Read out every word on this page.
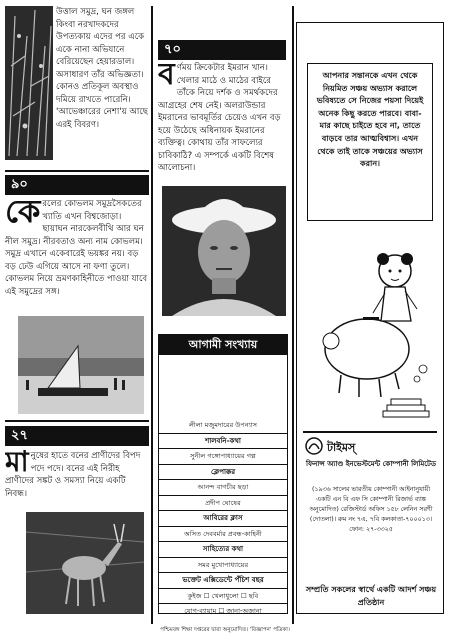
উত্তাল সমুদ্র, ঘন জঙ্গল কিংবা নরখাদকদের উপত্যকায় এদের পর একে একে নানা অভিযানে বেরিয়েছেন হেয়ারডাল। অসাধারণ তাঁর অভিজ্ঞতা। কোনও প্রতিকূল অবস্থাও দমিয়ে রাখতে পারেনি। 'আভেঞ্চারের নেশা'য় আছে এরই বিবরণ।
৯০
কে রলের কোভলম সমুদ্রসৈকতের খ্যাতি এখন বিশ্বজোড়া। ছায়াঘন নারকেলবীথি আর ঘন নীল সমুদ্র। নীরবতাও অন্য নাম কোভলম। সমুদ্র এখানে একেবারেই ভয়ঙ্কর নয়। বড় বড় ঢেউ এগিয়ে আসে না ফণা তুলে। কোভলম নিয়ে ভ্রমণকাহিনীতে পাওয়া যাবে এই সমুদ্রের সঙ্গ।
২৭
মা নুষের হাতে বনের প্রাণীদের বিপদ পদে পদে। বনের এই নিরীহ প্রাণীদের সঙ্কট ও সমস্যা নিয়ে একটি নিবন্ধ।
৭০
ব র্ণময় ক্রিকেটার ইমরান খান। খেলার মাঠে ও মাঠের বাইরে তাঁকে নিয়ে দর্শক ও সমর্থকদের আগ্রহের শেষ নেই। অলরাউন্ডার ইমরানের ভাবমূর্তির চেয়েও এখন বড় হয়ে উঠেছে অধিনায়ক ইমরানের ব্যক্তিত্ব। কোথায় তাঁর সাফল্যের চাবিকাঠি? এ সম্পর্কে একটি বিশেষ আলোচনা।
আগামী সংখ্যায়
লীলা মজুমদারের উপন্যাস
শালবনি-কথা
সুনীল গঙ্গোপাধ্যায়ের গল্প
ক্লেপাক্কর
আনন্দ বাগচীর ছড়া
প্রদীপ ঘোষের
আবিরের ক্লাস
অসিত দেববর্মার প্রবন্ধ-কাহিনী
সাহিত্যের কথা
সমর মুখোপাধ্যায়ের
ভক্তেট এক্সিডেন্টে পঁচিশ বছর
কুইজ ☐ খেলাধুলো ☐ ছবি
যোগ-ব্যায়াম ☐ জানা-অজানা
পশ্চিমবঙ্গ শিক্ষা দপ্তরের দ্বারা অনুমোদিত। 'বিজ্ঞাপন' পত্রিকা।
আপনার সন্তানকে এখন থেকে নিয়মিত সঞ্চয় অভ্যাস করালে ভবিষ্যতে সে নিজের পয়সা দিয়েই অনেক কিছু করতে পারবে। বাবা-মার কাছে চাইতে হবে না, তাতে বাড়বে তার আত্মবিশ্বাস। এখন থেকে তাই তাকে সঞ্চয়ের অভ্যাস করান।
টাইমস্
ফিনান্স অ্যাণ্ড ইনভেস্টমেন্ট কোম্পানী লিমিটেড
(১৯৩৬ সালের ভারতীয় কোম্পানী আইনানুযায়ী একটি এন বি এফ সি কোম্পানী রিজার্ভ ব্যাঙ্ক অনুমোদিত) রেজিস্টার্ড অফিস ১৫৮ লেনিন সরণী (দোতলা)। রুম নং ৭এ, ৭বি কলকাতা-৭০০০১৩। ফোন: ২৭-৩৩২৫
সম্প্রতি সকলের স্বার্থে একটি আদর্শ সঞ্চয় প্রতিষ্ঠান
